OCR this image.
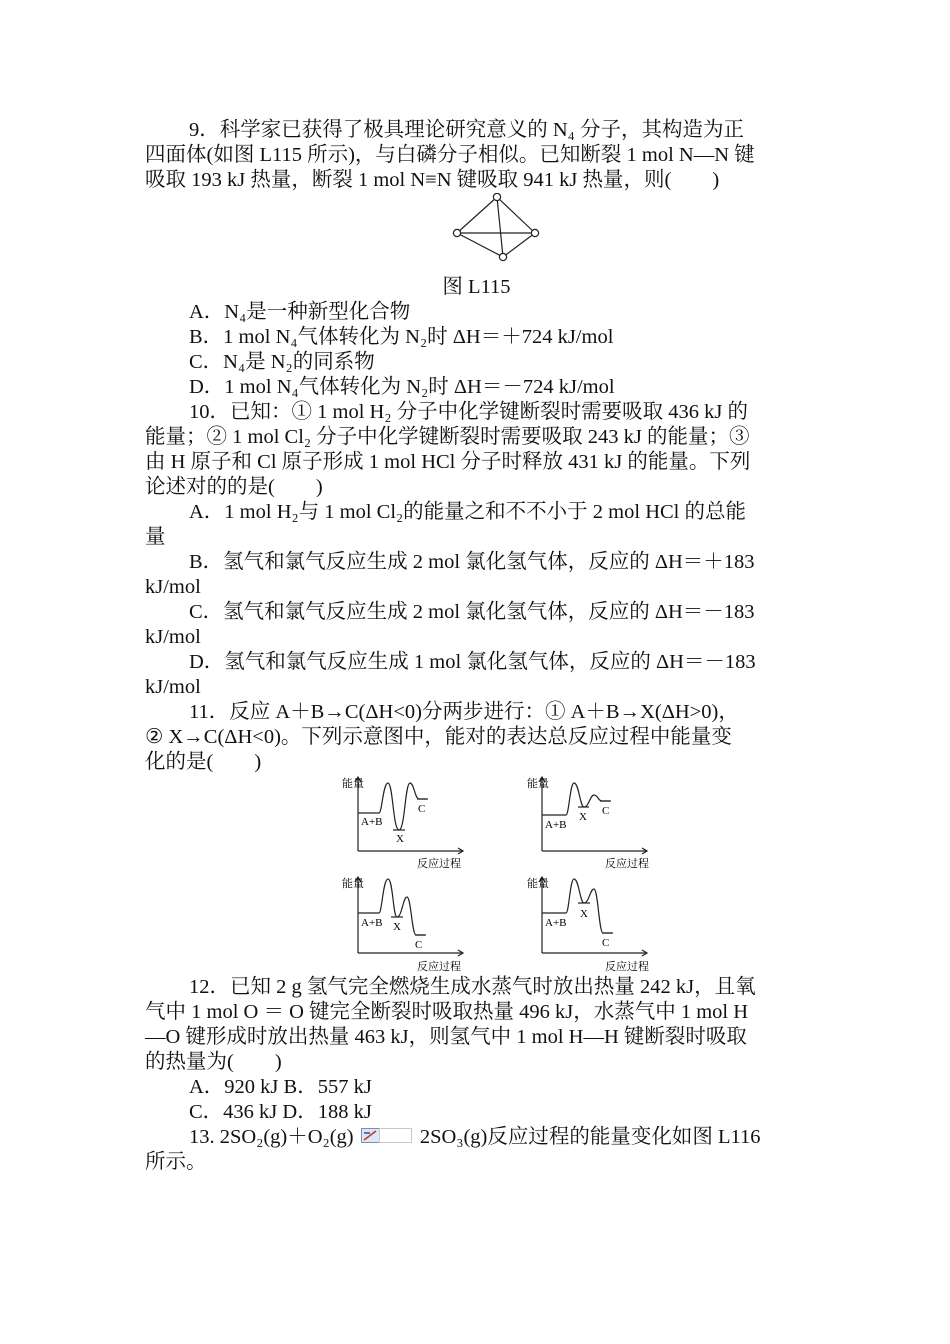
9．科学家已获得了极具理论研究意义的 N₄ 分子，其构造为正
四面体(如图 L115 所示)，与白磷分子相似。已知断裂 1 mol N—N 键
吸取 193 kJ 热量，断裂 1 mol N≡N 键吸取 941 kJ 热量，则(　　)
图 L115
A．N₄是一种新型化合物
B．1 mol N₄气体转化为 N₂时 ΔH＝＋724 kJ/mol
C．N₄是 N₂的同系物
D．1 mol N₄气体转化为 N₂时 ΔH＝－724 kJ/mol
10．已知：① 1 mol H₂ 分子中化学键断裂时需要吸取 436 kJ 的
能量；② 1 mol Cl₂ 分子中化学键断裂时需要吸取 243 kJ 的能量；③
由 H 原子和 Cl 原子形成 1 mol HCl 分子时释放 431 kJ 的能量。下列
论述对的的是(　　)
A．1 mol H₂与 1 mol Cl₂的能量之和不不小于 2 mol HCl 的总能
量
B．氢气和氯气反应生成 2 mol 氯化氢气体，反应的 ΔH＝＋183
kJ/mol
C．氢气和氯气反应生成 2 mol 氯化氢气体，反应的 ΔH＝－183
kJ/mol
D．氢气和氯气反应生成 1 mol 氯化氢气体，反应的 ΔH＝－183
kJ/mol
11．反应 A＋B→C(ΔH<0)分两步进行：① A＋B→X(ΔH>0)，
② X→C(ΔH<0)。下列示意图中，能对的表达总反应过程中能量变
化的是(　　)
能量
反应过程
A+B
X
C
能量
反应过程
A+B
X C
能量
反应过程
A+B X
C
能量
反应过程
A+B
X
C
12．已知 2 g 氢气完全燃烧生成水蒸气时放出热量 242 kJ，且氧
气中 1 mol O ＝ O 键完全断裂时吸取热量 496 kJ，水蒸气中 1 mol H
—O 键形成时放出热量 463 kJ，则氢气中 1 mol H—H 键断裂时吸取
的热量为(　　)
A．920 kJ B．557 kJ
C．436 kJ D．188 kJ
13. 2SO₂(g)＋O₂(g)	2SO₃(g)反应过程的能量变化如图 L116
所示。
